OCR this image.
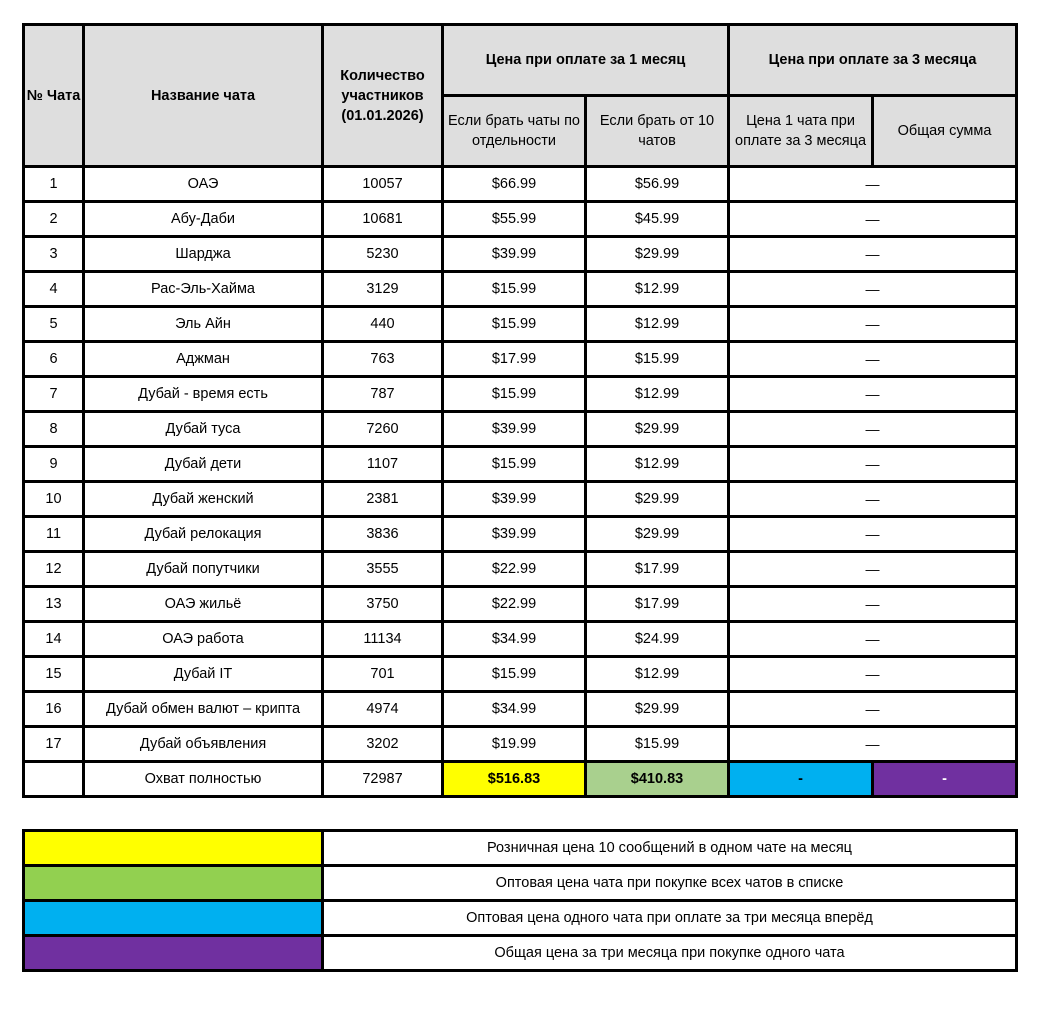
№ Чата	Название чата	Количество участников (01.01.2026)	Цена при оплате за 1 месяц		Цена при оплате за 3 месяца	
			Если брать чаты по отдельности	Если брать от 10 чатов	Цена 1 чата при оплате за 3 месяца	Общая сумма
1	ОАЭ	10057	$66.99	$56.99	—	
2	Абу-Даби	10681	$55.99	$45.99	—	
3	Шарджа	5230	$39.99	$29.99	—	
4	Рас-Эль-Хайма	3129	$15.99	$12.99	—	
5	Эль Айн	440	$15.99	$12.99	—	
6	Аджман	763	$17.99	$15.99	—	
7	Дубай - время есть	787	$15.99	$12.99	—	
8	Дубай туса	7260	$39.99	$29.99	—	
9	Дубай дети	1107	$15.99	$12.99	—	
10	Дубай женский	2381	$39.99	$29.99	—	
11	Дубай релокация	3836	$39.99	$29.99	—	
12	Дубай попутчики	3555	$22.99	$17.99	—	
13	ОАЭ жильё	3750	$22.99	$17.99	—	
14	ОАЭ работа	11134	$34.99	$24.99	—	
15	Дубай IT	701	$15.99	$12.99	—	
16	Дубай обмен валют – крипта	4974	$34.99	$29.99	—	
17	Дубай объявления	3202	$19.99	$15.99	—	
	Охват полностью	72987	$516.83	$410.83	-	-
	Розничная цена 10 сообщений в одном чате на месяц
	Оптовая цена чата при покупке всех чатов в списке
	Оптовая цена одного чата при оплате за три месяца вперёд
	Общая цена за три месяца при покупке одного чата
